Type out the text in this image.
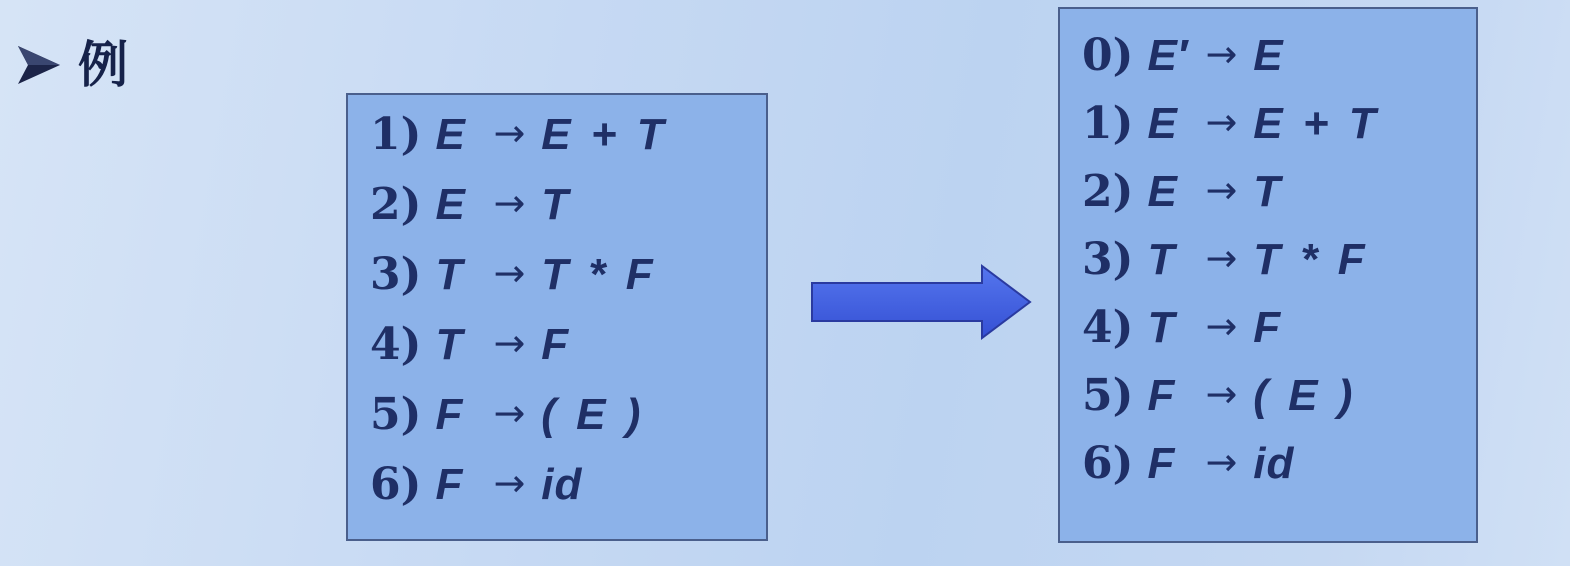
例
1) E → E + T
2) E → T
3) T → T * F
4) T → F
5) F → ( E )
6) F → id
0) E′ → E
1) E → E + T
2) E → T
3) T → T * F
4) T → F
5) F → ( E )
6) F → id
